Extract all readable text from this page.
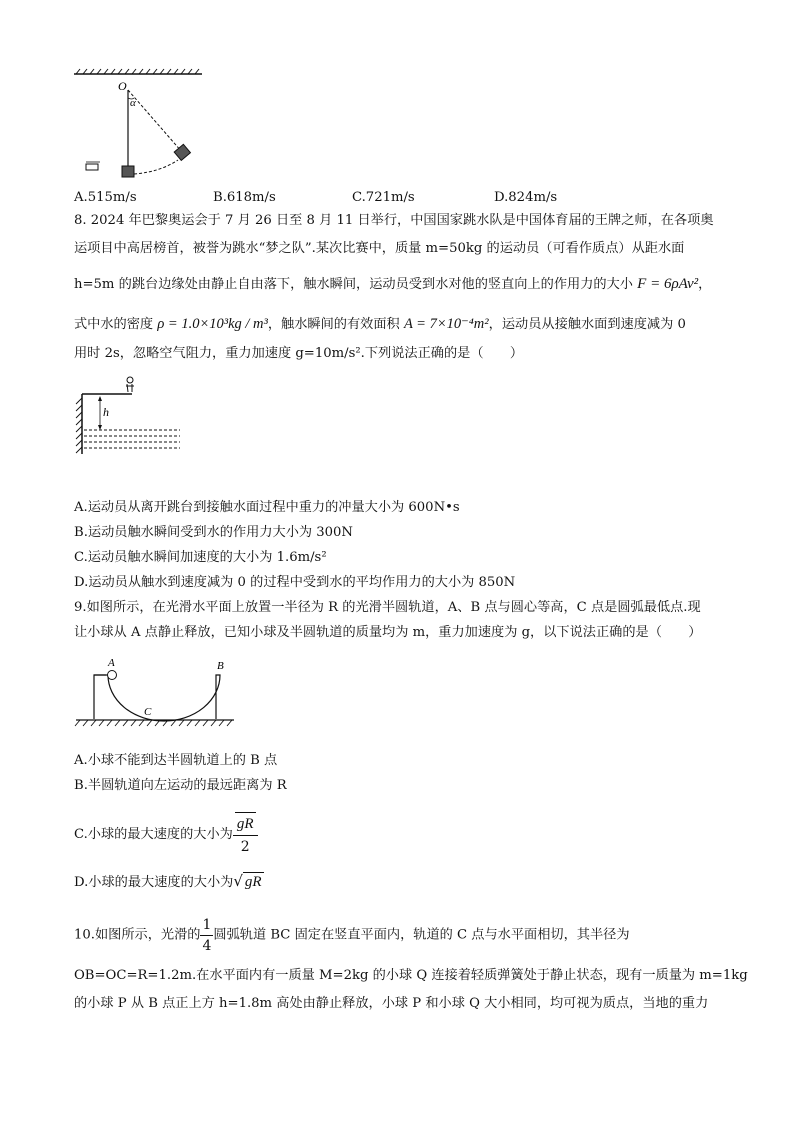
O
α
A.515m/s	B.618m/s	C.721m/s	D.824m/s
8. 2024 年巴黎奥运会于 7 月 26 日至 8 月 11 日举行，中国国家跳水队是中国体育届的王牌之师，在各项奥
运项目中高居榜首，被誉为跳水“梦之队”.某次比赛中，质量 m=50kg 的运动员（可看作质点）从距水面
h=5m 的跳台边缘处由静止自由落下，触水瞬间，运动员受到水对他的竖直向上的作用力的大小 F = 6ρAv²，
式中水的密度 ρ = 1.0×10³kg / m³，触水瞬间的有效面积 A = 7×10⁻⁴m²，运动员从接触水面到速度减为 0
用时 2s，忽略空气阻力，重力加速度 g=10m/s².下列说法正确的是（　　）
h
A.运动员从离开跳台到接触水面过程中重力的冲量大小为 600N•s
B.运动员触水瞬间受到水的作用力大小为 300N
C.运动员触水瞬间加速度的大小为 1.6m/s²
D.运动员从触水到速度减为 0 的过程中受到水的平均作用力的大小为 850N
9.如图所示，在光滑水平面上放置一半径为 R 的光滑半圆轨道，A、B 点与圆心等高，C 点是圆弧最低点.现
让小球从 A 点静止释放，已知小球及半圆轨道的质量均为 m，重力加速度为 g，以下说法正确的是（　　）
A	B
C
A.小球不能到达半圆轨道上的 B 点
B.半圆轨道向左运动的最远距离为 R
C.小球的最大速度的大小为 $\frac{gR}{2}$
D.小球的最大速度的大小为√ gR
10.如图所示，光滑的 $\frac{1}{4}$ 圆弧轨道 BC 固定在竖直平面内，轨道的 C 点与水平面相切，其半径为
OB=OC=R=1.2m.在水平面内有一质量 M=2kg 的小球 Q 连接着轻质弹簧处于静止状态，现有一质量为 m=1kg
的小球 P 从 B 点正上方 h=1.8m 高处由静止释放，小球 P 和小球 Q 大小相同，均可视为质点，当地的重力
